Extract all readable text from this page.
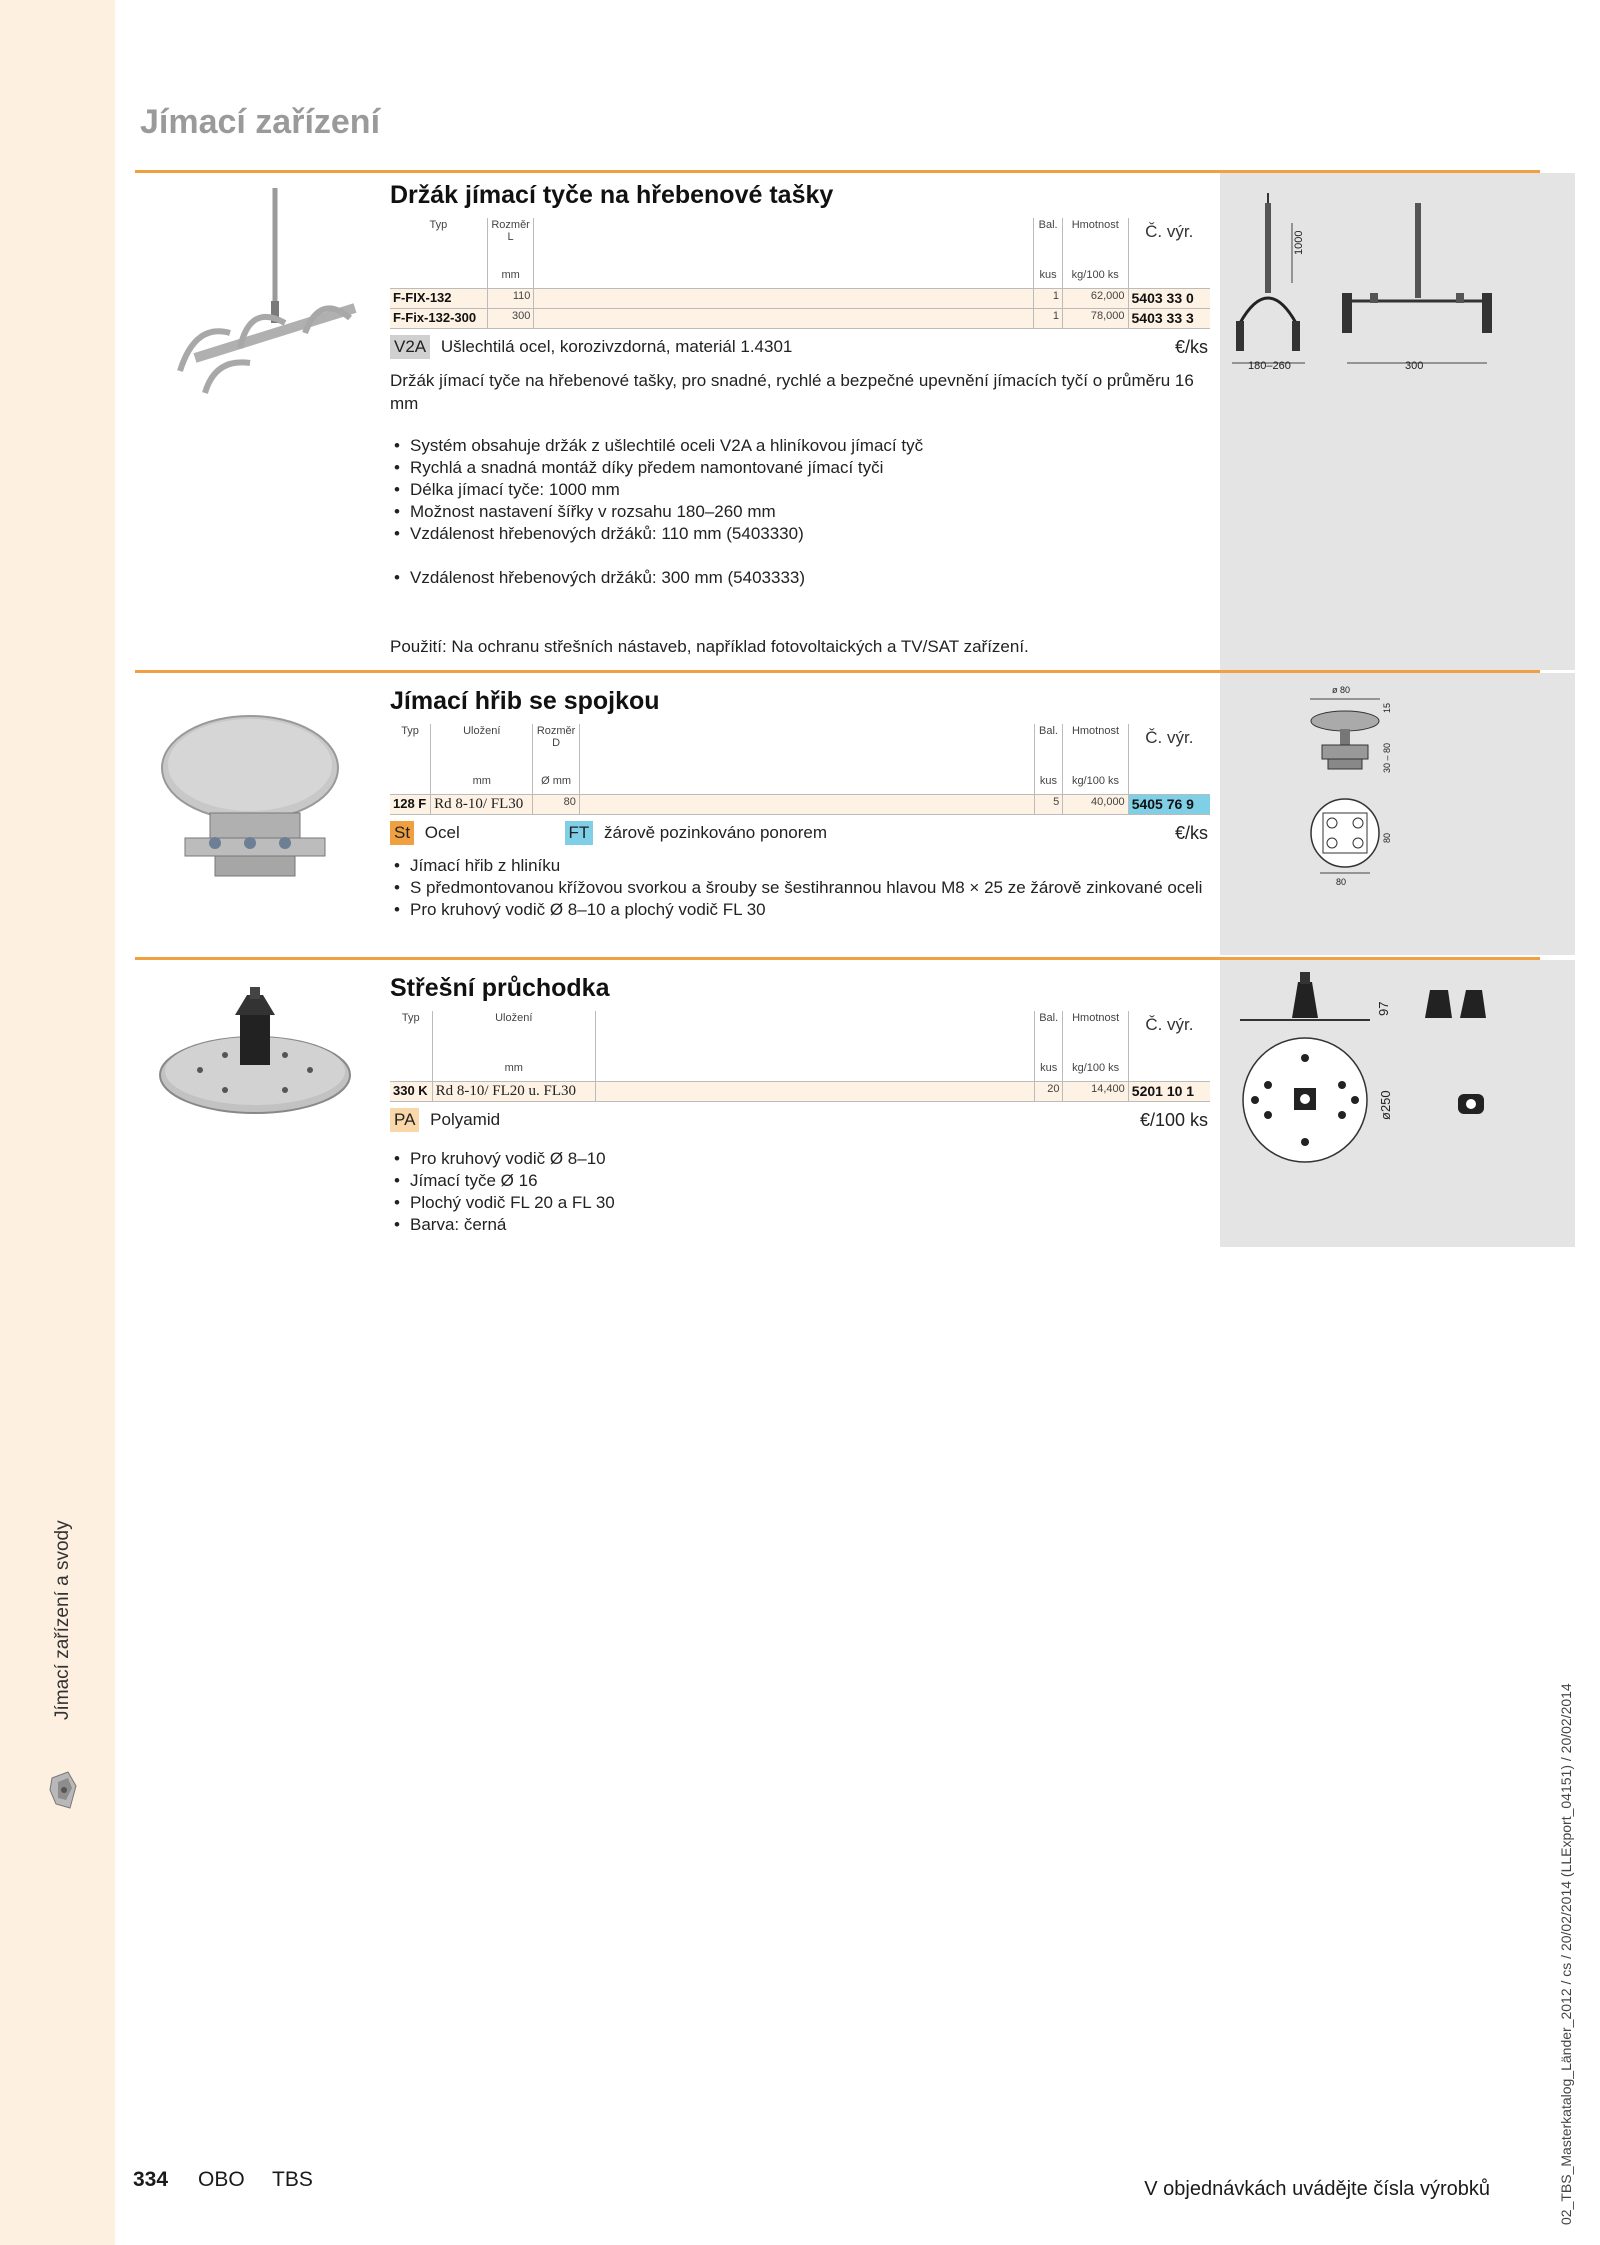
Jímací zařízení a svody
Jímací zařízení
1000
180–260	300
Držák jímací tyče na hřebenové tašky
Typ	Rozměr
L		Bal.	Hmotnost	Č. výr.
	mm		kus	kg/100 ks	
F-FIX-132	110		1	62,000	5403 33 0
F-Fix-132-300	300		1	78,000	5403 33 3
V2A Ušlechtilá ocel, korozivzdorná, materiál 1.4301	€/ks
Držák jímací tyče na hřebenové tašky, pro snadné, rychlé a bezpečné upevnění jímacích tyčí o průměru 16 mm
• Systém obsahuje držák z ušlechtilé oceli V2A a hliníkovou jímací tyč
• Rychlá a snadná montáž díky předem namontované jímací tyči
• Délka jímací tyče: 1000 mm
• Možnost nastavení šířky v rozsahu 180–260 mm
• Vzdálenost hřebenových držáků: 110 mm (5403330)
• Vzdálenost hřebenových držáků: 300 mm (5403333)
Použití: Na ochranu střešních nástaveb, například fotovoltaických a TV/SAT zařízení.
ø 80
15
30 – 80
80
80
Jímací hřib se spojkou
Typ	Uložení	Rozměr
D		Bal.	Hmotnost	Č. výr.
	mm	Ø mm		kus	kg/100 ks	
128 F	Rd 8-10/ FL30	80		5	40,000	5405 76 9
St Ocel	FT žárově pozinkováno ponorem	€/ks
• Jímací hřib z hliníku
• S předmontovanou křížovou svorkou a šrouby se šestihrannou hlavou M8 × 25 ze žárově zinkované oceli
• Pro kruhový vodič Ø 8–10 a plochý vodič FL 30
97
ø250
Střešní průchodka
Typ	Uložení		Bal.	Hmotnost	Č. výr.
	mm		kus	kg/100 ks	
330 K	Rd 8-10/ FL20 u. FL30		20	14,400	5201 10 1
PA Polyamid	€/100 ks
• Pro kruhový vodič Ø 8–10
• Jímací tyče Ø 16
• Plochý vodič FL 20 a FL 30
• Barva: černá
334 OBO TBS	V objednávkách uvádějte čísla výrobků	02_TBS_Masterkatalog_Länder_2012 / cs / 20/02/2014 (LLExport_04151) / 20/02/2014
